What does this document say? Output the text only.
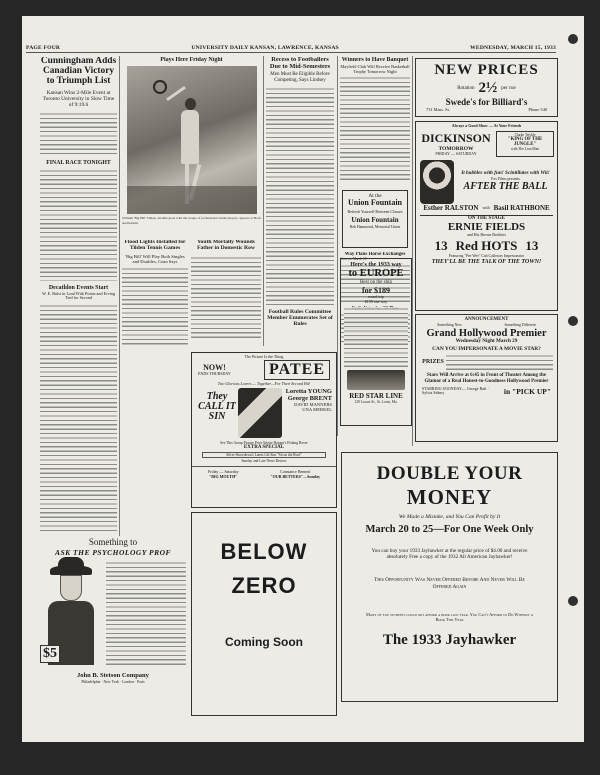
PAGE FOUR	UNIVERSITY DAILY KANSAN, LAWRENCE, KANSAS	WEDNESDAY, MARCH 15, 1933
Cunningham Adds Canadian Victory to Triumph List
Kansan Wins 2-Mile Event at Toronto University in Slow Time of 9:19.6
FINAL RACE TONIGHT
Decathlon Events Start
W. E. Bulst in Lead With Points and Erving Tied for Second
Plays Here Friday Night
William 'Big Bill' Tilden, all-time great with the troupe of professional tennis players, appears at Hoch Auditorium.
Flood Lights Installed for Tilden Tennis Games
'Big Bill' Will Play Both Singles and Doubles, Coan Says
Youth Mortally Wounds Father in Domestic Row
Recess to Footballers Due to Mid-Semesters
Men Must Be Eligible Before Competing, Says Lindsey
Football Rules Committee Member Enumerates Set of Rules
Winners to Have Banquet
Mayfield Club Will Receive Basketball Trophy Tomorrow Night
At the
Union Fountain
Refresh Yourself Between Classes
Union Fountain
Bob Hammond, Memorial Union
Way Plans Horse Exchanges
Geneva, March 15
NEW PRICES
Rotation 2½ per cue
Swede's for Billiard's
731 Mass. St.	Phone 540
Always a Good Show — At Your Friends
DICKINSON
TOMORROW
FRIDAY — SATURDAY
Clarke Trivkle
"KING OF THE JUNGLE"
with The Lion Man
It bubbles with fun! Scintillates with Wit!
Fox Films presents
AFTER THE BALL
Esther RALSTON with Basil RATHBONE
ON THE STAGE
ERNIE FIELDS
and His Brown Brothers
13 Red HOTS 13
Featuring "Pee Wee" Cab Calloway Impersonator
THEY'LL BE THE TALK OF THE TOWN!
ANNOUNCEMENT
Something New	Something Different
Grand Hollywood Premier
Wednesday Night March 29
CAN YOU IMPERSONATE A MOVIE STAR?
PRIZES
Stars Will Arrive at 6:45 in Front of Theater Among the Glamor of a Real Honest-to-Goodness Hollywood Premier
STARRING SOONDAY— George Raft · Sylvia Sidney	in "PICK UP"
The Picture Is the Thing
NOW!
ENDS THURSDAY	PATEE
Two Glorious Lovers — Together—For Their Second Hit!
They CALL IT SIN
Loretta YOUNG
George BRENT
DAVID MANNERS
UNA MERKEL
See This Group Picture Prior Arlette Hopper's Fishing Rover
EXTRA SPECIAL
Silver Showdown's Latest Lilt Star "Sit on the Roof"
Sunday and Late News Review
Friday — Saturday
"BIG MOUTH"
Constance Bennett
"OUR BETTERS"—Sunday
Here's the 1933 way
to EUROPE
Best on the ship
for $189
round trip
$139 one way
RED STAR LINE
128 Locust St., St. Louis, Mo.
Something to
ASK THE PSYCHOLOGY PROF
$5
John B. Stetson Company
Philadelphia · New York · London · Paris
BELOW
ZERO
Coming Soon
DOUBLE YOUR
MONEY
We Made a Mistake, and You Can Profit by It
March 20 to 25—For One Week Only
You can buy your 1933 Jayhawker at the regular price of $4.00 and receive absolutely Free a copy of the 1932 All American Jayhawker!
This Opportunity Was Never Offered Before And Never Will Be Offered Again
Many of you students could not afford a book last year. You Can't Afford to Do Without a Book This Year
The 1933 Jayhawker
